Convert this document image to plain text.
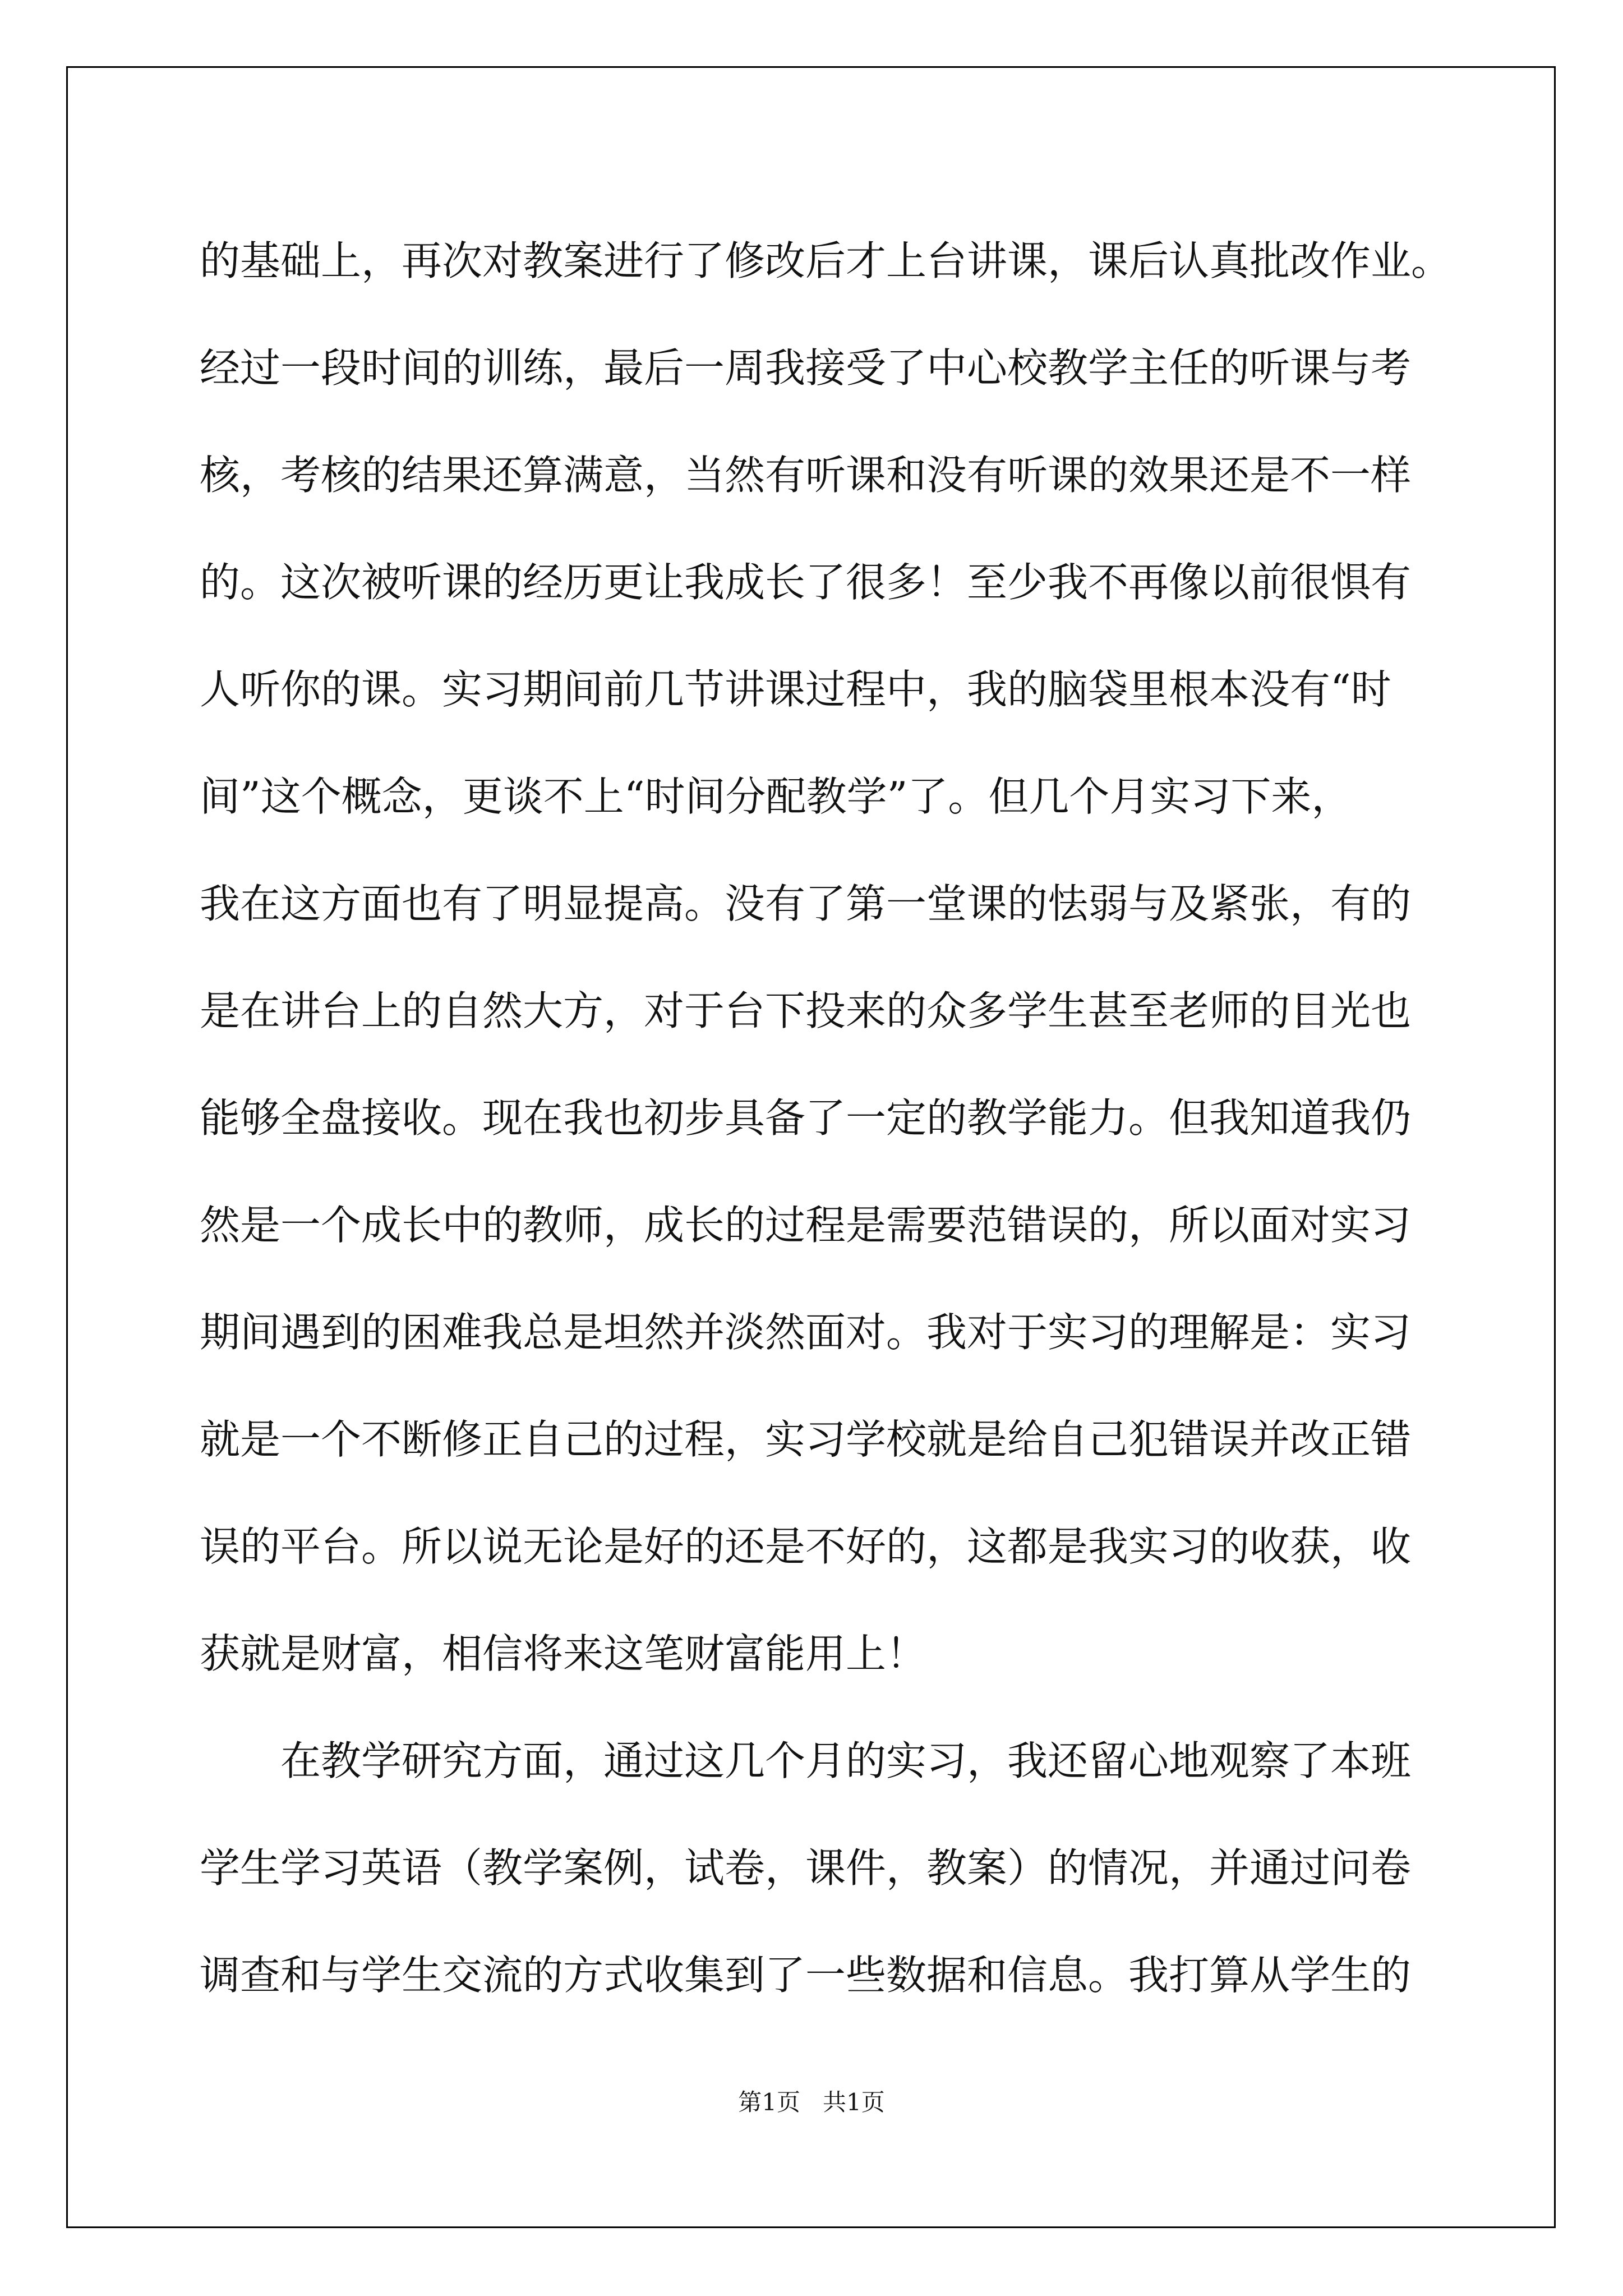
的基础上，再次对教案进行了修改后才上台讲课，课后认真批改作业。
经过一段时间的训练，最后一周我接受了中心校教学主任的听课与考
核，考核的结果还算满意，当然有听课和没有听课的效果还是不一样
的。这次被听课的经历更让我成长了很多！至少我不再像以前很惧有
人听你的课。实习期间前几节讲课过程中，我的脑袋里根本没有“时
间”这个概念，更谈不上“时间分配教学”了。但几个月实习下来，
我在这方面也有了明显提高。没有了第一堂课的怯弱与及紧张，有的
是在讲台上的自然大方，对于台下投来的众多学生甚至老师的目光也
能够全盘接收。现在我也初步具备了一定的教学能力。但我知道我仍
然是一个成长中的教师，成长的过程是需要范错误的，所以面对实习
期间遇到的困难我总是坦然并淡然面对。我对于实习的理解是：实习
就是一个不断修正自己的过程，实习学校就是给自己犯错误并改正错
误的平台。所以说无论是好的还是不好的，这都是我实习的收获，收
获就是财富，相信将来这笔财富能用上！
在教学研究方面，通过这几个月的实习，我还留心地观察了本班
学生学习英语（教学案例，试卷，课件，教案）的情况，并通过问卷
调查和与学生交流的方式收集到了一些数据和信息。我打算从学生的
第1页   共1页
